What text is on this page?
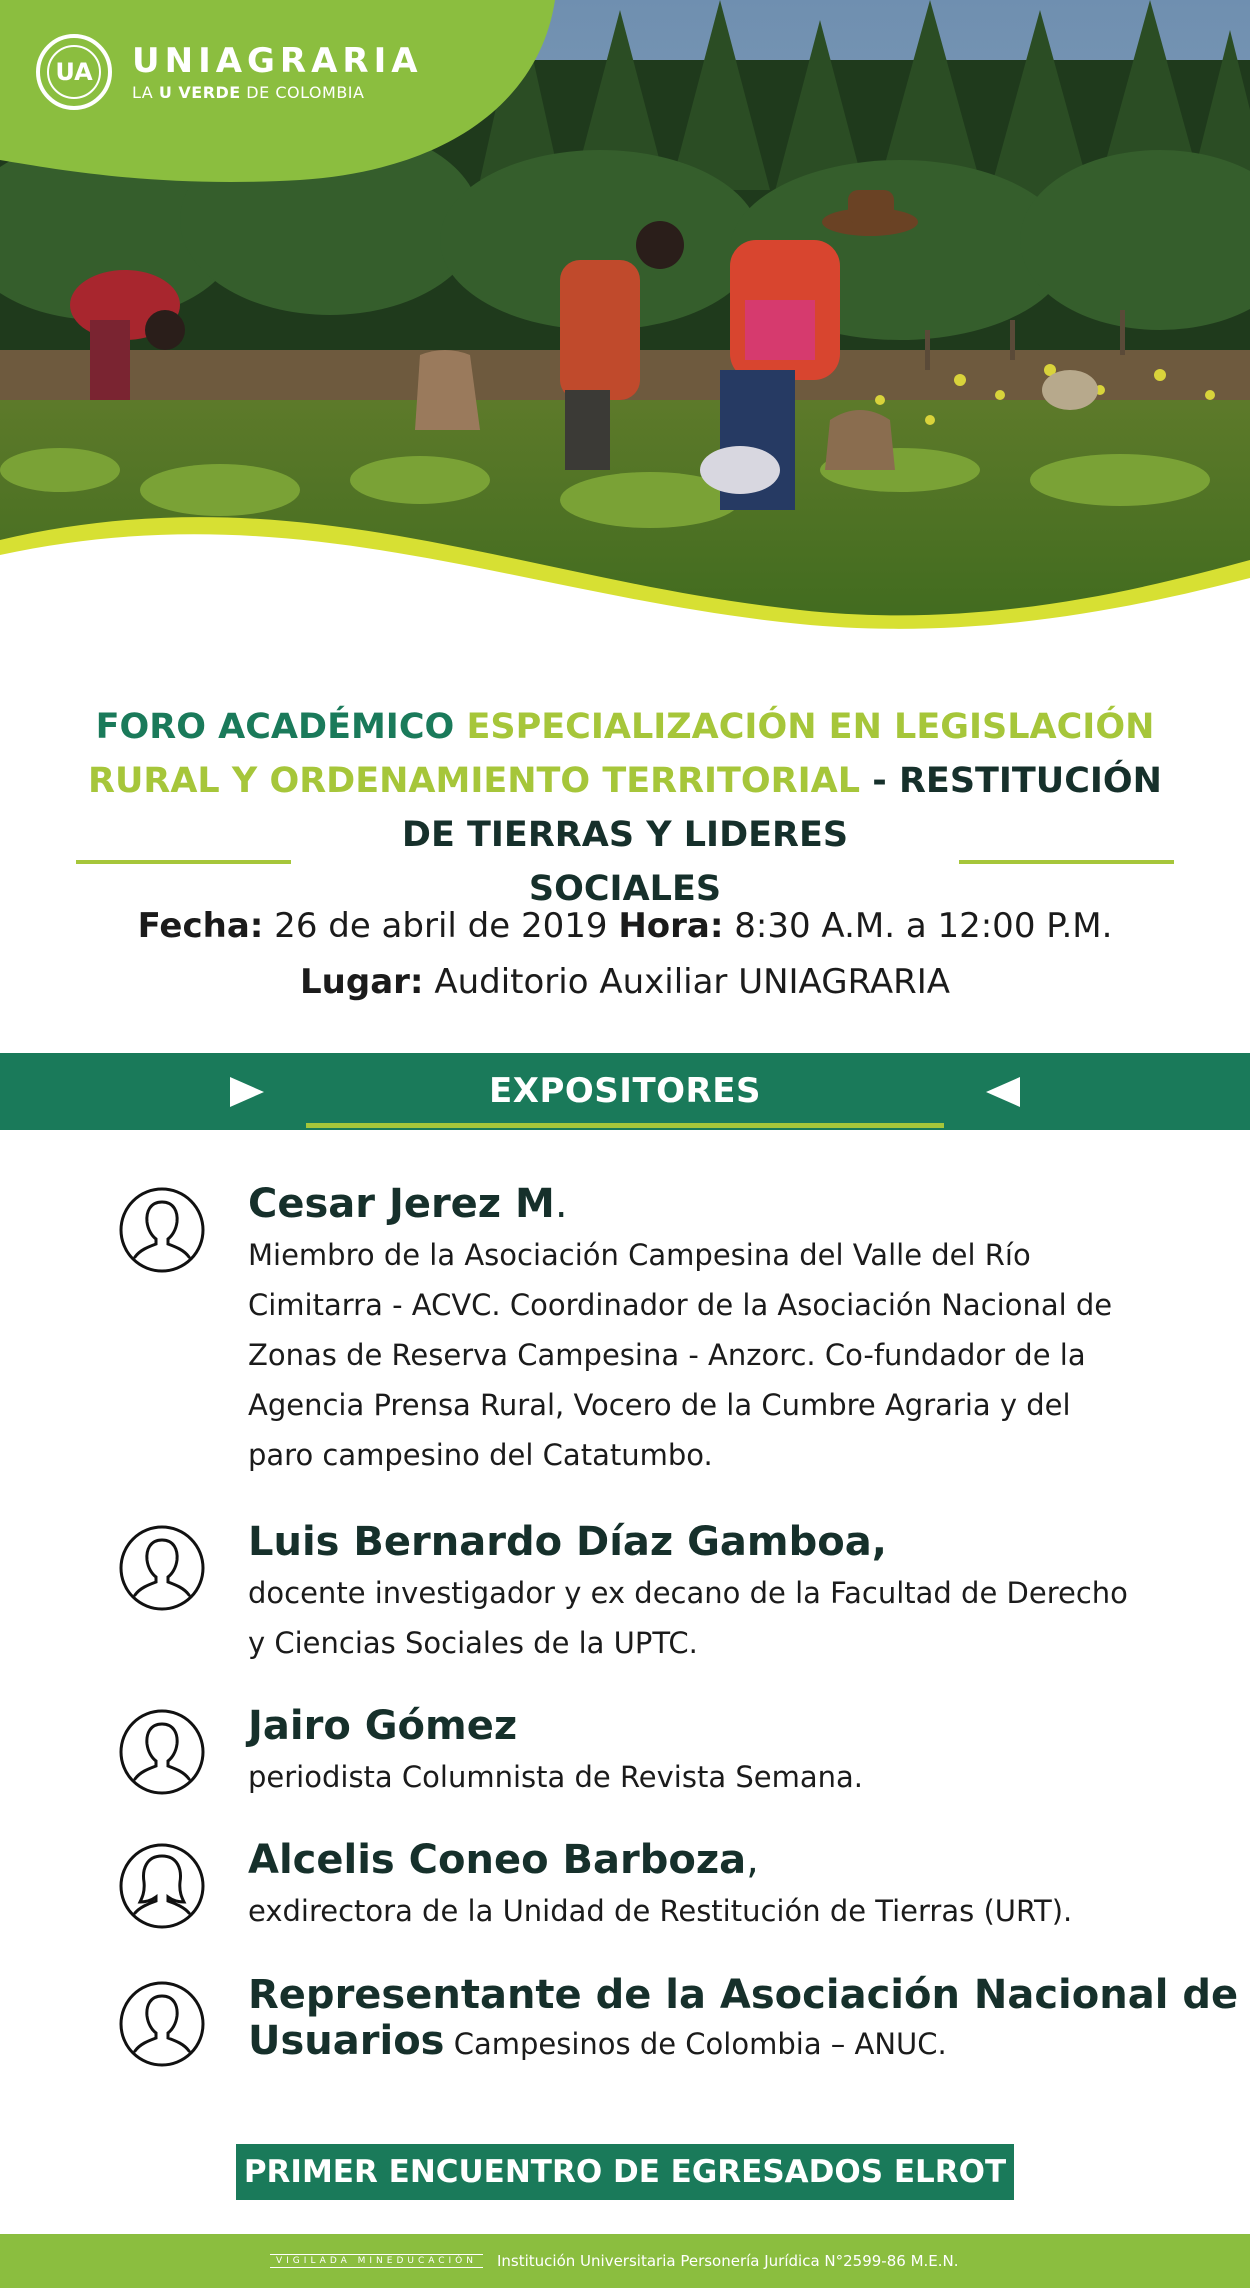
UA UNIAGRARIA
LA U VERDE DE COLOMBIA
FORO ACADÉMICO ESPECIALIZACIÓN EN LEGISLACIÓN RURAL Y ORDENAMIENTO TERRITORIAL - RESTITUCIÓN
DE TIERRAS Y LIDERES SOCIALES
Fecha: 26 de abril de 2019 Hora: 8:30 A.M. a 12:00 P.M.
Lugar: Auditorio Auxiliar UNIAGRARIA
EXPOSITORES
Cesar Jerez M.
Miembro de la Asociación Campesina del Valle del Río
Cimitarra - ACVC. Coordinador de la Asociación Nacional de
Zonas de Reserva Campesina - Anzorc. Co-fundador de la
Agencia Prensa Rural, Vocero de la Cumbre Agraria y del
paro campesino del Catatumbo.
Luis Bernardo Díaz Gamboa,
docente investigador y ex decano de la Facultad de Derecho
y Ciencias Sociales de la UPTC.
Jairo Gómez
periodista Columnista de Revista Semana.
Alcelis Coneo Barboza,
exdirectora de la Unidad de Restitución de Tierras (URT).
Representante de la Asociación Nacional de
Usuarios Campesinos de Colombia – ANUC.
PRIMER ENCUENTRO DE EGRESADOS ELROT
VIGILADA MINEDUCACIÓN	Institución Universitaria Personería Jurídica N°2599-86 M.E.N.
